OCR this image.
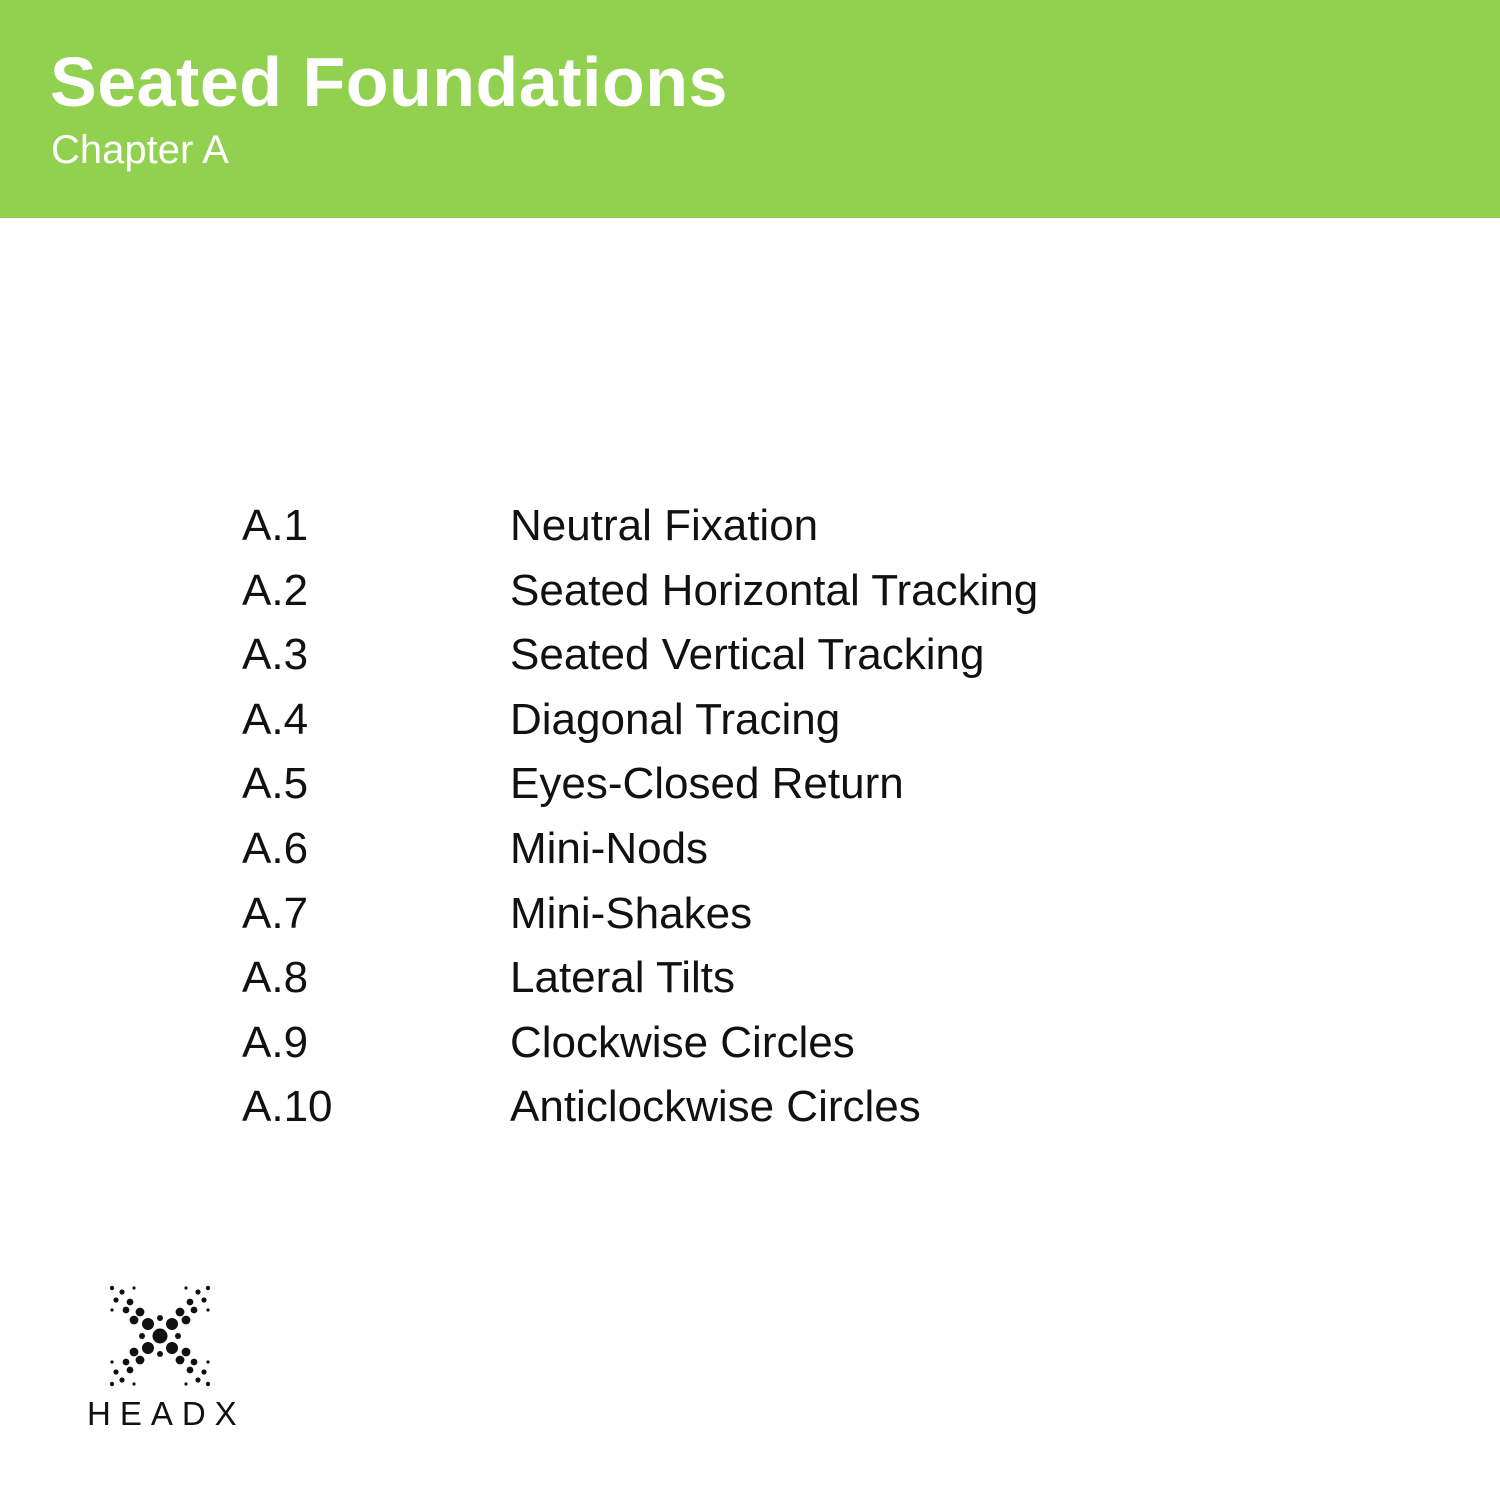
Seated Foundations
Chapter A
A.1	Neutral Fixation
A.2	Seated Horizontal Tracking
A.3	Seated Vertical Tracking
A.4	Diagonal Tracing
A.5	Eyes-Closed Return
A.6	Mini-Nods
A.7	Mini-Shakes
A.8	Lateral Tilts
A.9	Clockwise Circles
A.10	Anticlockwise Circles
HEADX
